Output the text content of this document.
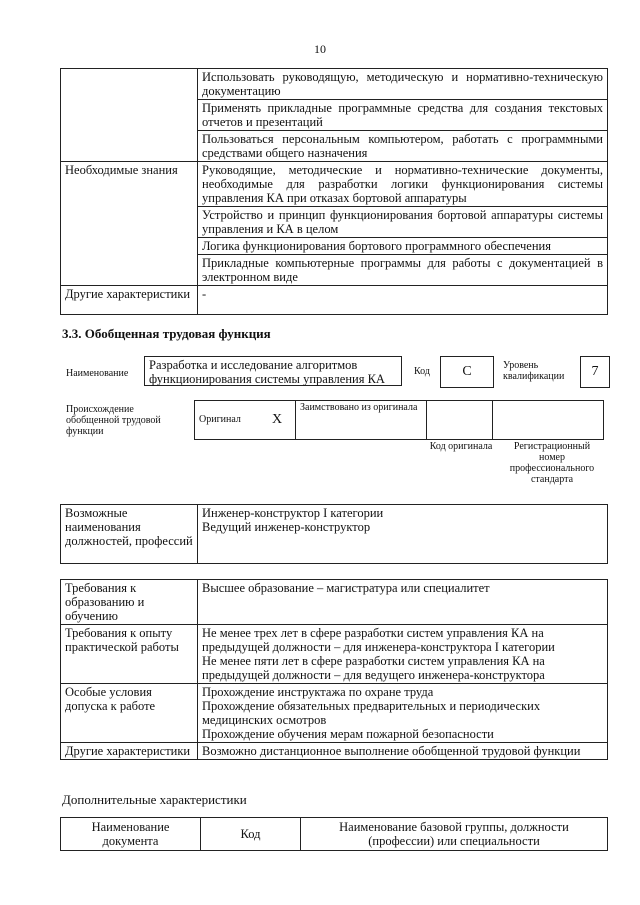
10
	Использовать руководящую, методическую и нормативно-техническую документацию
	Применять прикладные программные средства для создания текстовых отчетов и презентаций
	Пользоваться персональным компьютером, работать с программными средствами общего назначения
Необходимые знания	Руководящие, методические и нормативно-технические документы, необходимые для разработки логики функционирования системы управления КА при отказах бортовой аппаратуры
	Устройство и принцип функционирования бортовой аппаратуры системы управления и КА в целом
	Логика функционирования бортового программного обеспечения
	Прикладные компьютерные программы для работы с документацией в электронном виде
Другие характеристики	-
3.3. Обобщенная трудовая функция
Наименование
Разработка и исследование алгоритмов функционирования системы управления КА
Код	C	Уровень квалификации	7
Происхождение обобщенной трудовой функции
Оригинал	X	Заимствовано из оригинала		
Код оригинала	Регистрационный номер профессионального стандарта
Возможные наименования должностей, профессий	
Инженер-конструктор I категории
Ведущий инженер-конструктор
Требования к образованию и обучению	Высшее образование – магистратура или специалитет
Требования к опыту практической работы	Не менее трех лет в сфере разработки систем управления КА на предыдущей должности – для инженера-конструктора I категории
Не менее пяти лет в сфере разработки систем управления КА на предыдущей должности – для ведущего инженера-конструктора

Особые условия допуска к работе	Прохождение инструктажа по охране труда
Прохождение обязательных предварительных и периодических медицинских осмотров
Прохождение обучения мерам пожарной безопасности

Другие характеристики	Возможно дистанционное выполнение обобщенной трудовой функции
Дополнительные характеристики
Наименование документа	Код	Наименование базовой группы, должности (профессии) или специальности
